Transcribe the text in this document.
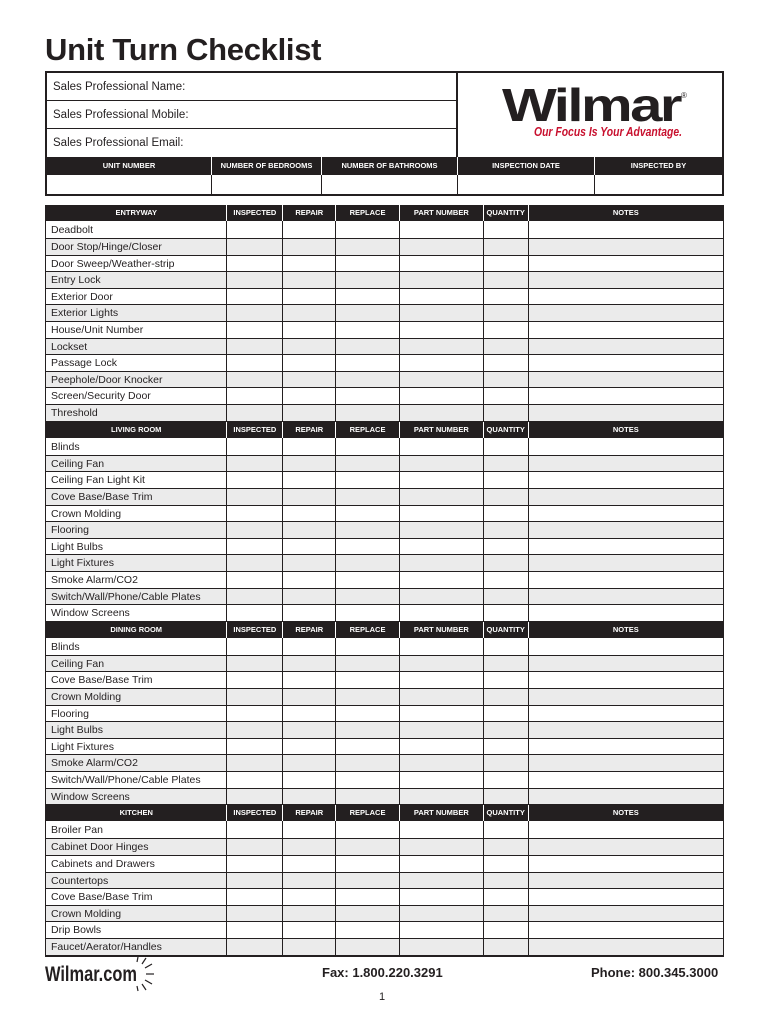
Unit Turn Checklist
Sales Professional Name:
Sales Professional Mobile:
Sales Professional Email:
Wilmar
®
Our Focus Is Your Advantage.
UNIT NUMBER	NUMBER OF BEDROOMS	NUMBER OF BATHROOMS	INSPECTION DATE	INSPECTED BY
ENTRYWAY	INSPECTED	REPAIR	REPLACE	PART NUMBER	QUANTITY	NOTES
Deadbolt
Door Stop/Hinge/Closer
Door Sweep/Weather-strip
Entry Lock
Exterior Door
Exterior Lights
House/Unit Number
Lockset
Passage Lock
Peephole/Door Knocker
Screen/Security Door
Threshold
LIVING ROOM	INSPECTED	REPAIR	REPLACE	PART NUMBER	QUANTITY	NOTES
Blinds
Ceiling Fan
Ceiling Fan Light Kit
Cove Base/Base Trim
Crown Molding
Flooring
Light Bulbs
Light Fixtures
Smoke Alarm/CO2
Switch/Wall/Phone/Cable Plates
Window Screens
DINING ROOM	INSPECTED	REPAIR	REPLACE	PART NUMBER	QUANTITY	NOTES
Blinds
Ceiling Fan
Cove Base/Base Trim
Crown Molding
Flooring
Light Bulbs
Light Fixtures
Smoke Alarm/CO2
Switch/Wall/Phone/Cable Plates
Window Screens
KITCHEN	INSPECTED	REPAIR	REPLACE	PART NUMBER	QUANTITY	NOTES
Broiler Pan
Cabinet Door Hinges
Cabinets and Drawers
Countertops
Cove Base/Base Trim
Crown Molding
Drip Bowls
Faucet/Aerator/Handles
Wilmar.com	Fax: 1.800.220.3291	Phone: 800.345.3000
1
